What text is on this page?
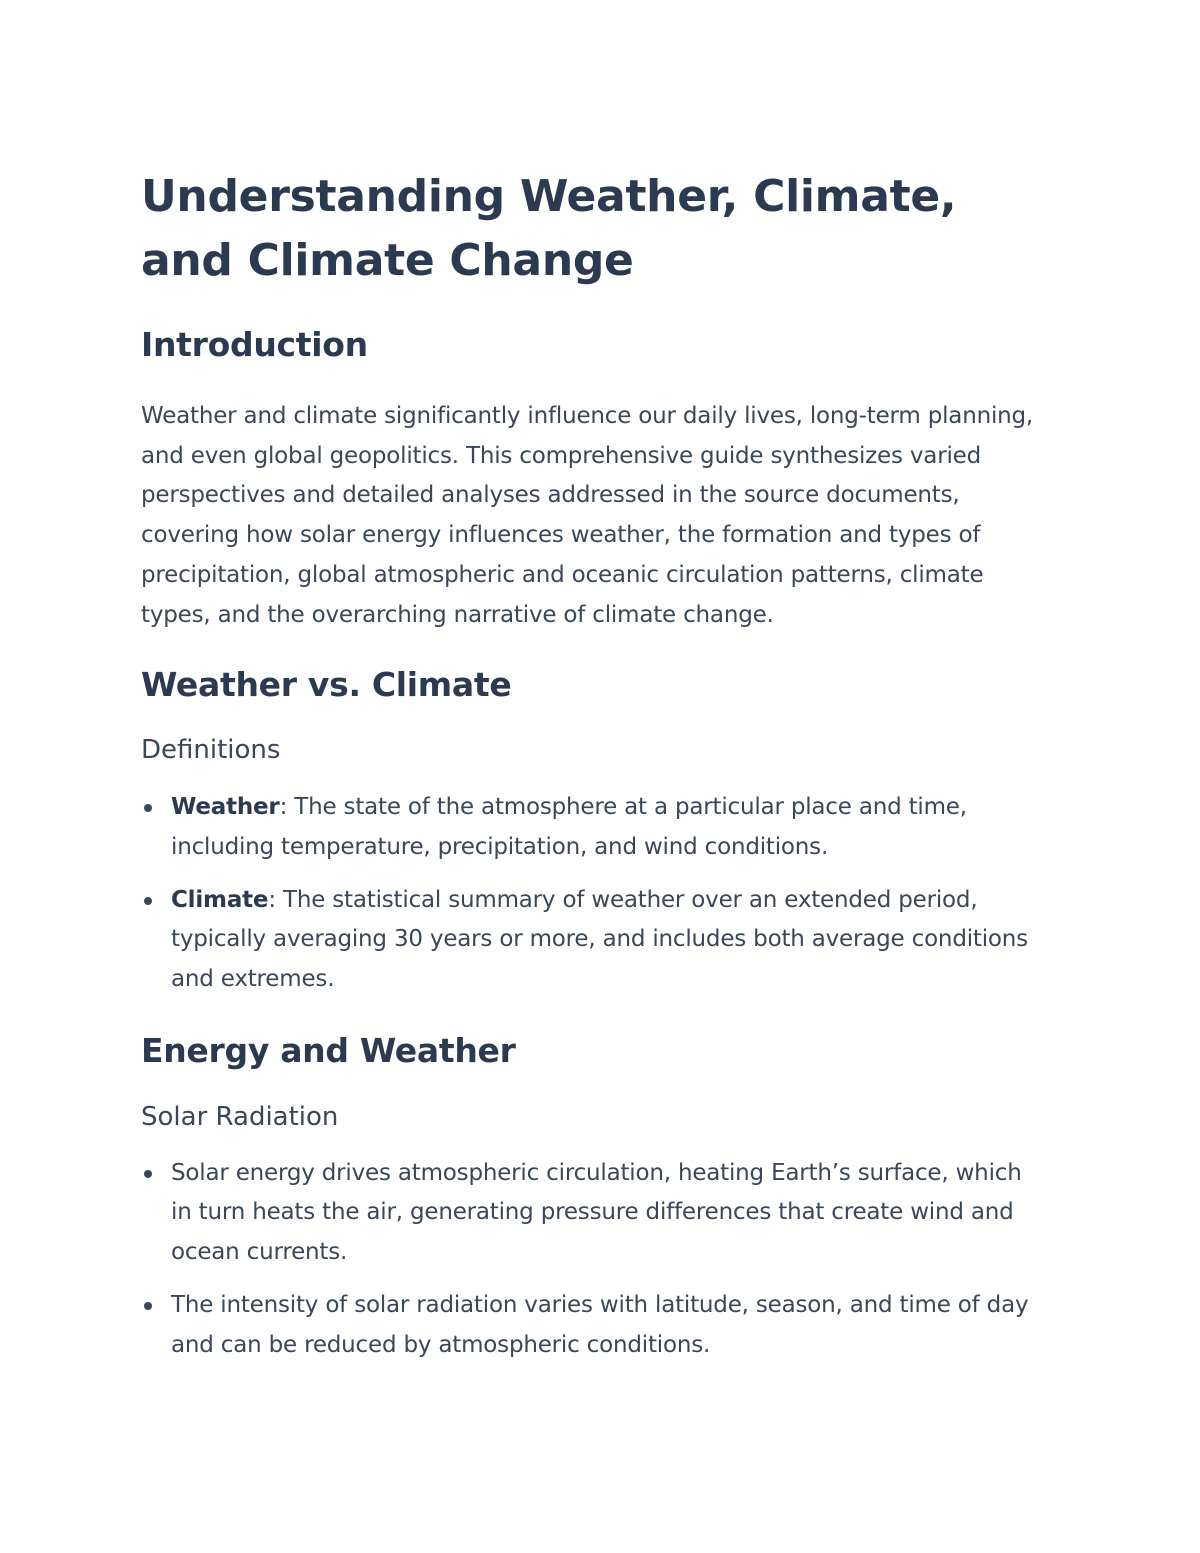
Understanding Weather, Climate, and Climate Change
Introduction

Weather and climate significantly influence our daily lives, long-term planning, and even global geopolitics. This comprehensive guide synthesizes varied perspectives and detailed analyses addressed in the source documents, covering how solar energy influences weather, the formation and types of precipitation, global atmospheric and oceanic circulation patterns, climate types, and the overarching narrative of climate change.

Weather vs. Climate
Definitions
Weather: The state of the atmosphere at a particular place and time, including temperature, precipitation, and wind conditions.
Climate: The statistical summary of weather over an extended period, typically averaging 30 years or more, and includes both average conditions and extremes.
Energy and Weather
Solar Radiation
Solar energy drives atmospheric circulation, heating Earth’s surface, which in turn heats the air, generating pressure differences that create wind and ocean currents.
The intensity of solar radiation varies with latitude, season, and time of day and can be reduced by atmospheric conditions.
